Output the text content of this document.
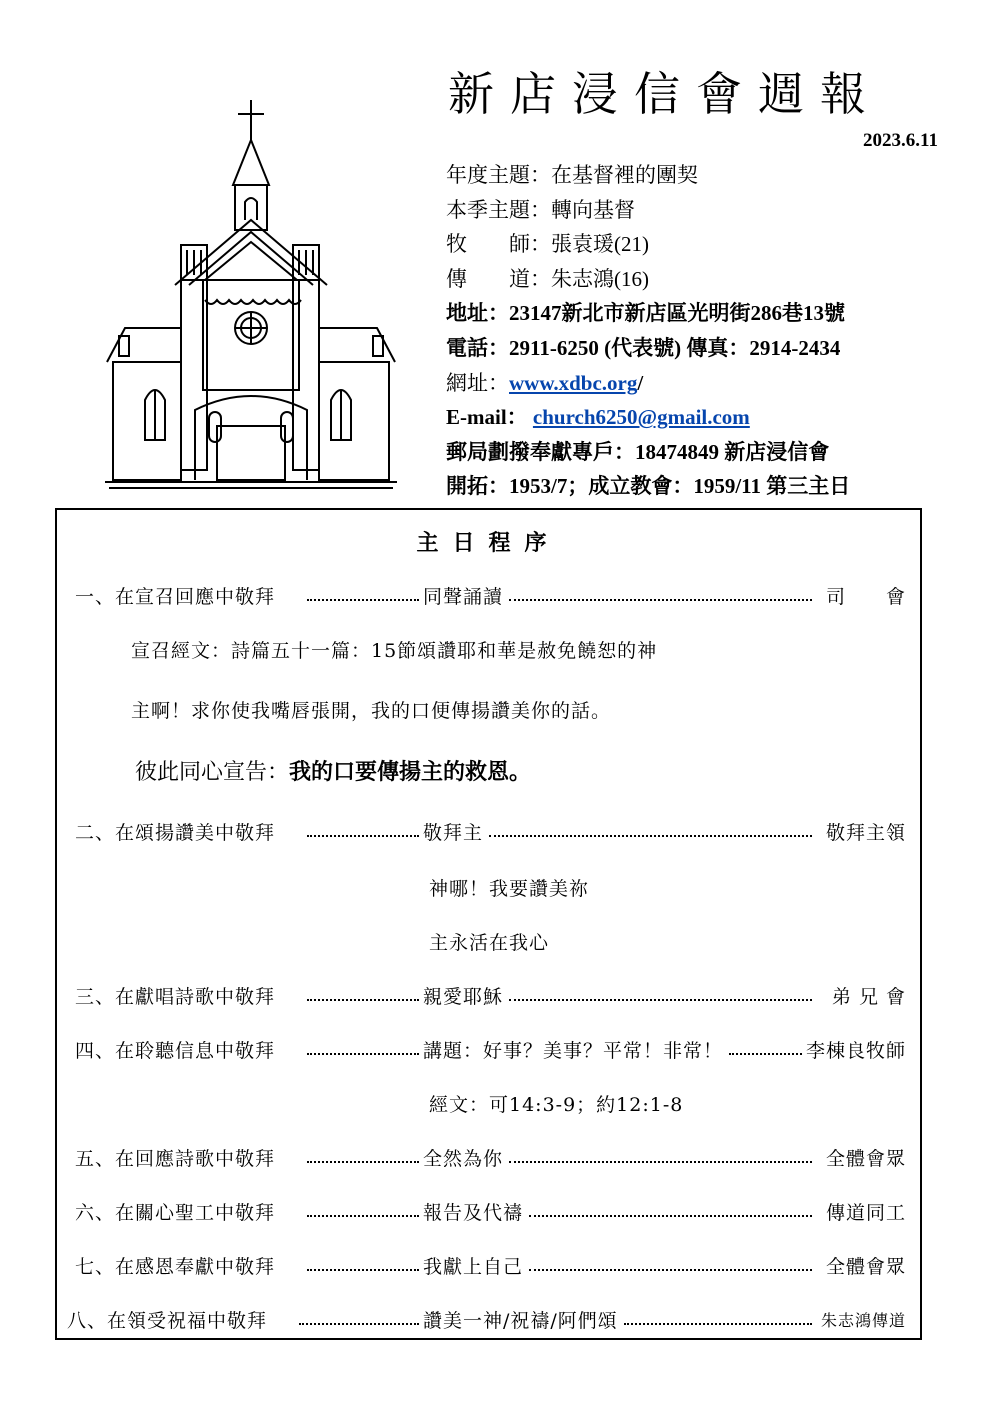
新店浸信會週報
2023.6.11
年度主題：在基督裡的團契
本季主題：轉向基督
牧　　師：張袁瑗(21)
傳　　道：朱志鴻(16)
地址：23147新北市新店區光明街286巷13號
電話：2911-6250 (代表號) 傳真：2914-2434
網址：www.xdbc.org/
E-mail： church6250@gmail.com
郵局劃撥奉獻專戶：18474849 新店浸信會
開拓：1953/7；成立教會：1959/11 第三主日
主日程序
一、在宣召回應中敬拜	同聲誦讀	司　　會
宣召經文：詩篇五十一篇：15節頌讚耶和華是赦免饒恕的神
主啊！求你使我嘴唇張開，我的口便傳揚讚美你的話。
彼此同心宣告：我的口要傳揚主的救恩。
二、在頌揚讚美中敬拜	敬拜主	敬拜主領
神哪！我要讚美祢
主永活在我心
三、在獻唱詩歌中敬拜	親愛耶穌	弟 兄 會
四、在聆聽信息中敬拜	講題：好事？美事？平常！非常！	李棟良牧師
經文：可14:3-9；約12:1-8
五、在回應詩歌中敬拜	全然為你	全體會眾
六、在關心聖工中敬拜	報告及代禱	傳道同工
七、在感恩奉獻中敬拜	我獻上自己	全體會眾
八、在領受祝福中敬拜	讚美一神/祝禱/阿們頌	朱志鴻傳道
